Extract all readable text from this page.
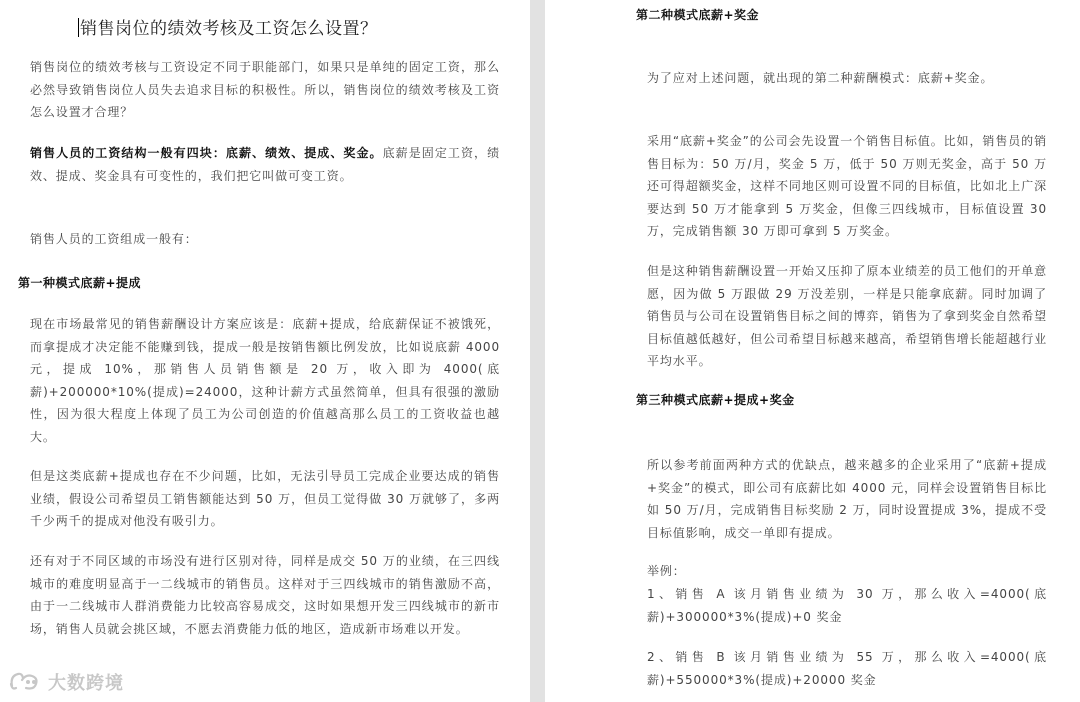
销售岗位的绩效考核及工资怎么设置？

销售岗位的绩效考核与工资设定不同于职能部门，如果只是单纯的固定工资，那么必然导致销售岗位人员失去追求目标的积极性。所以，销售岗位的绩效考核及工资怎么设置才合理？

销售人员的工资结构一般有四块：底薪、绩效、提成、奖金。底薪是固定工资，绩效、提成、奖金具有可变性的，我们把它叫做可变工资。

销售人员的工资组成一般有：

第一种模式底薪+提成

现在市场最常见的销售薪酬设计方案应该是：底薪+提成，给底薪保证不被饿死，而拿提成才决定能不能赚到钱，提成一般是按销售额比例发放，比如说底薪 4000 元，提成 10%，那销售人员销售额是 20 万，收入即为 4000(底薪)+200000*10%(提成)=24000，这种计薪方式虽然简单，但具有很强的激励性，因为很大程度上体现了员工为公司创造的价值越高那么员工的工资收益也越大。

但是这类底薪+提成也存在不少问题，比如，无法引导员工完成企业要达成的销售业绩，假设公司希望员工销售额能达到 50 万，但员工觉得做 30 万就够了，多两千少两千的提成对他没有吸引力。

还有对于不同区域的市场没有进行区别对待，同样是成交 50 万的业绩，在三四线城市的难度明显高于一二线城市的销售员。这样对于三四线城市的销售激励不高，由于一二线城市人群消费能力比较高容易成交，这时如果想开发三四线城市的新市场，销售人员就会挑区域，不愿去消费能力低的地区，造成新市场难以开发。

大数跨境
第二种模式底薪+奖金

为了应对上述问题，就出现的第二种薪酬模式：底薪+奖金。

采用“底薪+奖金”的公司会先设置一个销售目标值。比如，销售员的销售目标为：50 万/月，奖金 5 万，低于 50 万则无奖金，高于 50 万还可得超额奖金，这样不同地区则可设置不同的目标值，比如北上广深要达到 50 万才能拿到 5 万奖金，但像三四线城市，目标值设置 30 万，完成销售额 30 万即可拿到 5 万奖金。

但是这种销售薪酬设置一开始又压抑了原本业绩差的员工他们的开单意愿，因为做 5 万跟做 29 万没差别，一样是只能拿底薪。同时加调了销售员与公司在设置销售目标之间的博弈，销售为了拿到奖金自然希望目标值越低越好，但公司希望目标越来越高，希望销售增长能超越行业平均水平。

第三种模式底薪+提成+奖金

所以参考前面两种方式的优缺点，越来越多的企业采用了“底薪+提成+奖金”的模式，即公司有底薪比如 4000 元，同样会设置销售目标比如 50 万/月，完成销售目标奖励 2 万，同时设置提成 3%，提成不受目标值影响，成交一单即有提成。

举例：

1、销售 A 该月销售业绩为 30 万，那么收入=4000(底薪)+300000*3%(提成)+0 奖金

2、销售 B 该月销售业绩为 55 万，那么收入=4000(底薪)+550000*3%(提成)+20000 奖金
